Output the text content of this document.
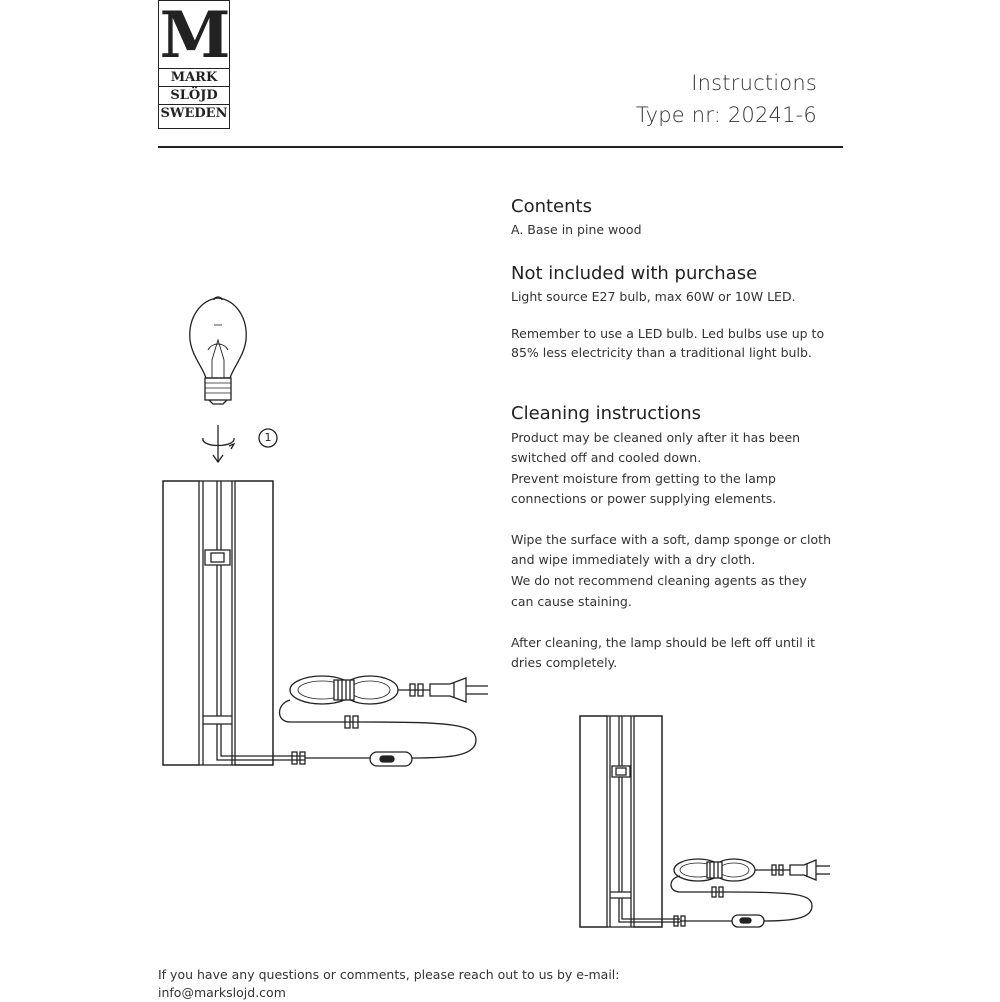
M
MARK
SLÖJD
SWEDEN
Instructions
Type nr: 20241-6
Contents
A. Base in pine wood
Not included with purchase
Light source E27 bulb, max 60W or 10W LED.
Remember to use a LED bulb. Led bulbs use up to
85% less electricity than a traditional light bulb.
Cleaning instructions
Product may be cleaned only after it has been
switched off and cooled down.
Prevent moisture from getting to the lamp
connections or power supplying elements.
Wipe the surface with a soft, damp sponge or cloth
and wipe immediately with a dry cloth.
We do not recommend cleaning agents as they
can cause staining.
After cleaning, the lamp should be left off until it
dries completely.
1
If you have any questions or comments, please reach out to us by e-mail:
info@markslojd.com
